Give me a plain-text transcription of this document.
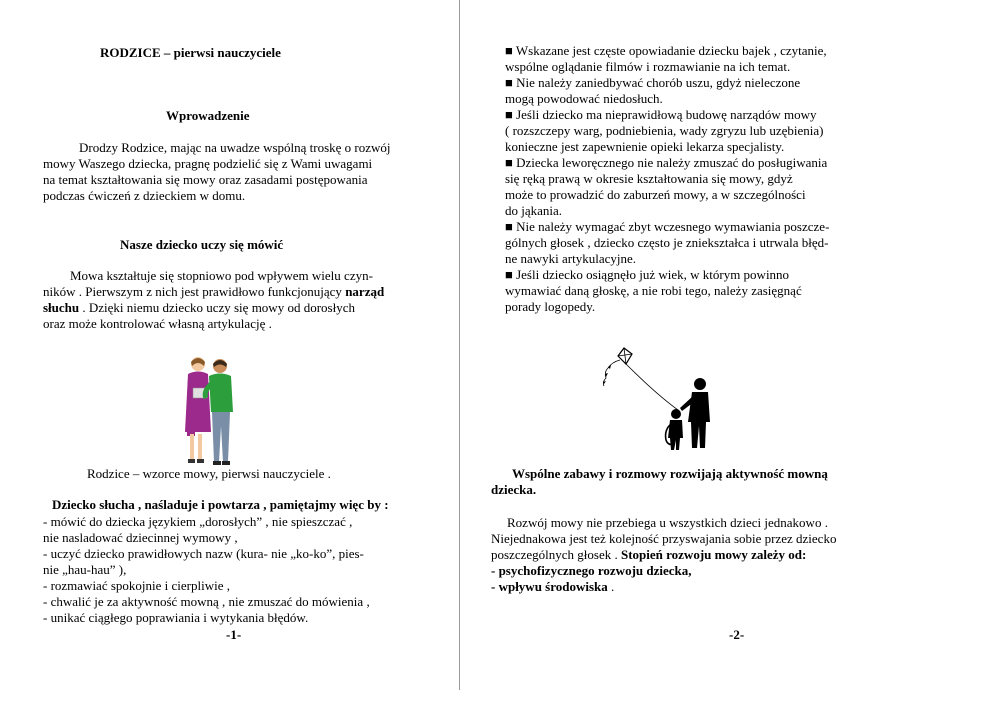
RODZICE – pierwsi nauczyciele
Wprowadzenie
Drodzy Rodzice, mając na uwadze wspólną troskę o rozwój
mowy Waszego dziecka, pragnę podzielić się z Wami uwagami
na temat kształtowania się mowy oraz zasadami postępowania
podczas ćwiczeń z dzieckiem w domu.
Nasze dziecko uczy się mówić
Mowa kształtuje się stopniowo pod wpływem wielu czyn-
ników . Pierwszym z nich jest prawidłowo funkcjonujący narząd
słuchu . Dzięki niemu dziecko uczy się mowy od dorosłych
oraz może kontrolować własną artykulację .
Rodzice – wzorce mowy, pierwsi nauczyciele .
Dziecko słucha , naśladuje i powtarza , pamiętajmy więc by :
- mówić do dziecka językiem „dorosłych” , nie spieszczać ,
nie nasladować dziecinnej wymowy ,
- uczyć dziecko prawidłowych nazw (kura- nie „ko-ko”, pies-
nie „hau-hau” ),
- rozmawiać spokojnie i cierpliwie ,
- chwalić je za aktywność mowną , nie zmuszać do mówienia ,
- unikać ciągłego poprawiania i wytykania błędów.
-1-
■ Wskazane jest częste opowiadanie dziecku bajek , czytanie,
wspólne oglądanie filmów i rozmawianie na ich temat.
■ Nie należy zaniedbywać chorób uszu, gdyż nieleczone
mogą powodować niedosłuch.
■ Jeśli dziecko ma nieprawidłową budowę narządów mowy
( rozszczepy warg, podniebienia, wady zgryzu lub uzębienia)
konieczne jest zapewnienie opieki lekarza specjalisty.
■ Dziecka leworęcznego nie należy zmuszać do posługiwania
się ręką prawą w okresie kształtowania się mowy, gdyż
może to prowadzić do zaburzeń mowy, a w szczególności
do jąkania.
■ Nie należy wymagać zbyt wczesnego wymawiania poszcze-
gólnych głosek , dziecko często je zniekształca i utrwala błęd-
ne nawyki artykulacyjne.
■ Jeśli dziecko osiągnęło już wiek, w którym powinno
wymawiać daną głoskę, a nie robi tego, należy zasięgnąć
porady logopedy.
Wspólne zabawy i rozmowy rozwijają aktywność mowną
dziecka.
Rozwój mowy nie przebiega u wszystkich dzieci jednakowo .
Niejednakowa jest też kolejność przyswajania sobie przez dziecko
poszczególnych głosek . Stopień rozwoju mowy zależy od:
- psychofizycznego rozwoju dziecka,
- wpływu środowiska .
-2-
